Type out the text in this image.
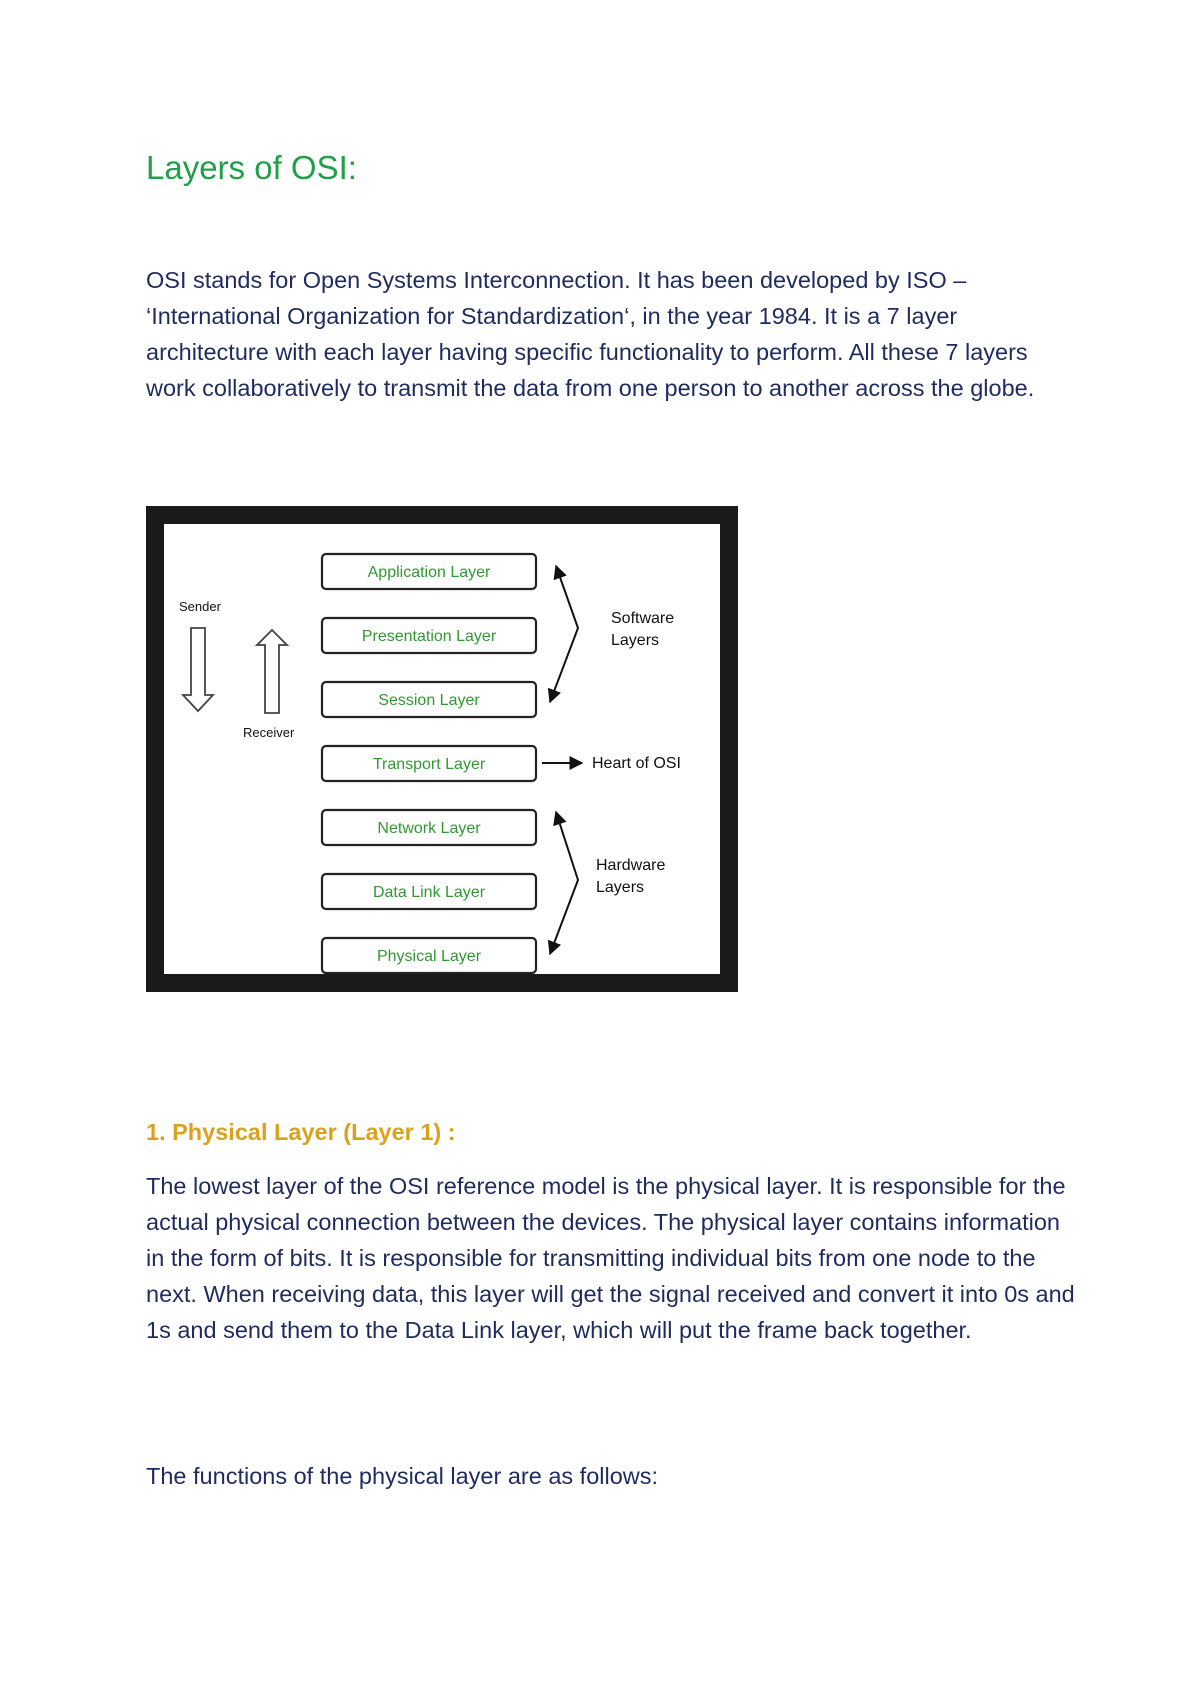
Layers of OSI:

OSI stands for Open Systems Interconnection. It has been developed by ISO – ‘International Organization for Standardization‘, in the year 1984. It is a 7 layer architecture with each layer having specific functionality to perform. All these 7 layers work collaboratively to transmit the data from one person to another across the globe.

Application Layer
Presentation Layer
Session Layer
Transport Layer
Network Layer
Data Link Layer
Physical Layer
Sender
Receiver
Software Layers
Heart of OSI
Hardware Layers
1. Physical Layer (Layer 1) :

The lowest layer of the OSI reference model is the physical layer. It is responsible for the actual physical connection between the devices. The physical layer contains information in the form of bits. It is responsible for transmitting individual bits from one node to the next. When receiving data, this layer will get the signal received and convert it into 0s and 1s and send them to the Data Link layer, which will put the frame back together.

The functions of the physical layer are as follows:
